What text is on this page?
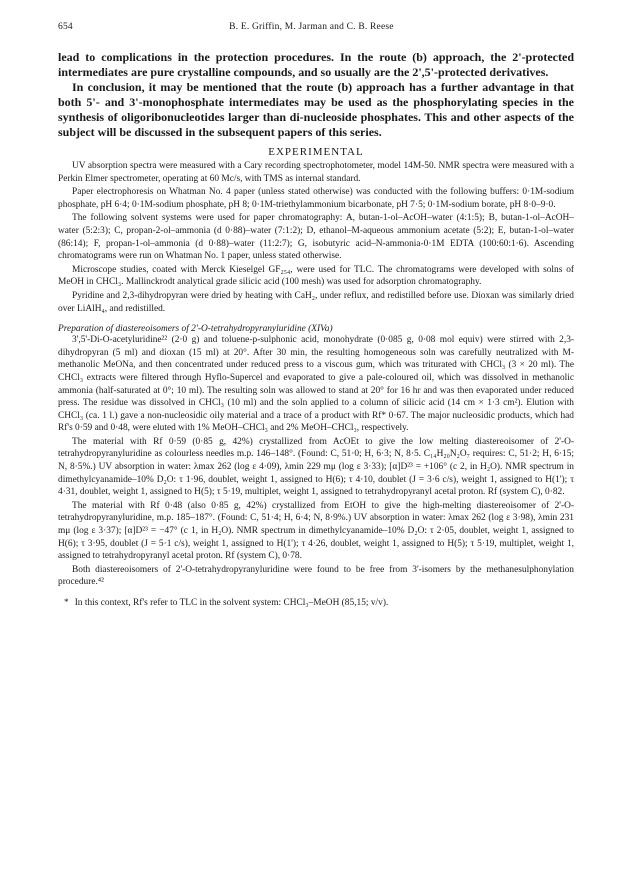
654	B. E. Griffin, M. Jarman and C. B. Reese

lead to complications in the protection procedures. In the route (b) approach, the 2'-protected intermediates are pure crystalline compounds, and so usually are the 2',5'-protected derivatives.

In conclusion, it may be mentioned that the route (b) approach has a further advantage in that both 5'- and 3'-monophosphate intermediates may be used as the phosphorylating species in the synthesis of oligoribonucleotides larger than di-nucleoside phosphates. This and other aspects of the subject will be discussed in the subsequent papers of this series.

EXPERIMENTAL

UV absorption spectra were measured with a Cary recording spectrophotometer, model 14M-50. NMR spectra were measured with a Perkin Elmer spectrometer, operating at 60 Mc/s, with TMS as internal standard.

Paper electrophoresis on Whatman No. 4 paper (unless stated otherwise) was conducted with the following buffers: 0·1M-sodium phosphate, pH 6·4; 0·1M-sodium phosphate, pH 8; 0·1M-triethylammonium bicarbonate, pH 7·5; 0·1M-sodium borate, pH 8·0–9·0.

The following solvent systems were used for paper chromatography: A, butan-1-ol–AcOH–water (4:1:5); B, butan-1-ol–AcOH–water (5:2:3); C, propan-2-ol–ammonia (d 0·88)–water (7:1:2); D, ethanol–M-aqueous ammonium acetate (5:2); E, butan-1-ol–water (86:14); F, propan-1-ol–ammonia (d 0·88)–water (11:2:7); G, isobutyric acid–N-ammonia-0·1M EDTA (100:60:1·6). Ascending chromatograms were run on Whatman No. 1 paper, unless stated otherwise.

Microscope studies, coated with Merck Kieselgel GF₂₅₄, were used for TLC. The chromatograms were developed with solns of MeOH in CHCl₃. Mallinckrodt analytical grade silicic acid (100 mesh) was used for adsorption chromatography.

Pyridine and 2,3-dihydropyran were dried by heating with CaH₂, under reflux, and redistilled before use. Dioxan was similarly dried over LiAlH₄, and redistilled.

Preparation of diastereoisomers of 2'-O-tetrahydropyranyluridine (XIVa)

3',5'-Di-O-acetyluridine²² (2·0 g) and toluene-p-sulphonic acid, monohydrate (0·085 g, 0·08 mol equiv) were stirred with 2,3-dihydropyran (5 ml) and dioxan (15 ml) at 20°. After 30 min, the resulting homogeneous soln was carefully neutralized with M-methanolic MeONa, and then concentrated under reduced press to a viscous gum, which was triturated with CHCl₃ (3 × 20 ml). The CHCl₃ extracts were filtered through Hyflo-Supercel and evaporated to give a pale-coloured oil, which was dissolved in methanolic ammonia (half-saturated at 0°; 10 ml). The resulting soln was allowed to stand at 20° for 16 hr and was then evaporated under reduced press. The residue was dissolved in CHCl₃ (10 ml) and the soln applied to a column of silicic acid (14 cm × 1·3 cm²). Elution with CHCl₃ (ca. 1 l.) gave a non-nucleosidic oily material and a trace of a product with Rf* 0·67. The major nucleosidic products, which had Rf's 0·59 and 0·48, were eluted with 1% MeOH–CHCl₃ and 2% MeOH–CHCl₃, respectively.

The material with Rf 0·59 (0·85 g, 42%) crystallized from AcOEt to give the low melting diastereoisomer of 2'-O-tetrahydropyranyluridine as colourless needles m.p. 146–148°. (Found: C, 51·0; H, 6·3; N, 8·5. C₁₄H₂₀N₂O₇ requires: C, 51·2; H, 6·15; N, 8·5%.) UV absorption in water: λmax 262 (log ε 4·09), λmin 229 mμ (log ε 3·33); [α]D²³ = +106° (c 2, in H₂O). NMR spectrum in dimethylcyanamide–10% D₂O: τ 1·96, doublet, weight 1, assigned to H(6); τ 4·10, doublet (J = 3·6 c/s), weight 1, assigned to H(1'); τ 4·31, doublet, weight 1, assigned to H(5); τ 5·19, multiplet, weight 1, assigned to tetrahydropyranyl acetal proton. Rf (system C), 0·82.

The material with Rf 0·48 (also 0·85 g, 42%) crystallized from EtOH to give the high-melting diastereoisomer of 2'-O-tetrahydropyranyluridine, m.p. 185–187°. (Found: C, 51·4; H, 6·4; N, 8·9%.) UV absorption in water: λmax 262 (log ε 3·98), λmin 231 mμ (log ε 3·37); [α]D²³ = −47° (c 1, in H₂O). NMR spectrum in dimethylcyanamide–10% D₂O: τ 2·05, doublet, weight 1, assigned to H(6); τ 3·95, doublet (J = 5·1 c/s), weight 1, assigned to H(1'); τ 4·26, doublet, weight 1, assigned to H(5); τ 5·19, multiplet, weight 1, assigned to tetrahydropyranyl acetal proton. Rf (system C), 0·78.

Both diastereoisomers of 2'-O-tetrahydropyranyluridine were found to be free from 3'-isomers by the methanesulphonylation procedure.⁴²

* In this context, Rf's refer to TLC in the solvent system: CHCl₃–MeOH (85,15; v/v).
